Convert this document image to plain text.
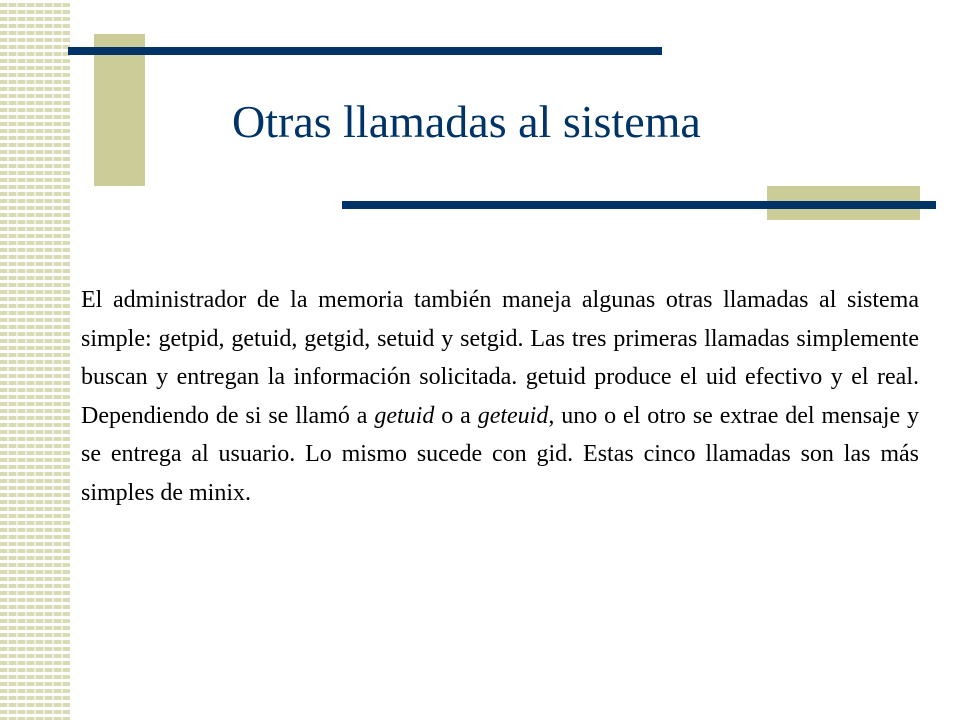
Otras llamadas al sistema

El administrador de la memoria también maneja algunas otras llamadas al sistema simple: getpid, getuid, getgid, setuid y setgid. Las tres primeras llamadas simplemente buscan y entregan la información solicitada. getuid produce el uid efectivo y el real. Dependiendo de si se llamó a getuid o a geteuid, uno o el otro se extrae del mensaje y se entrega al usuario. Lo mismo sucede con gid. Estas cinco llamadas son las más simples de minix.
